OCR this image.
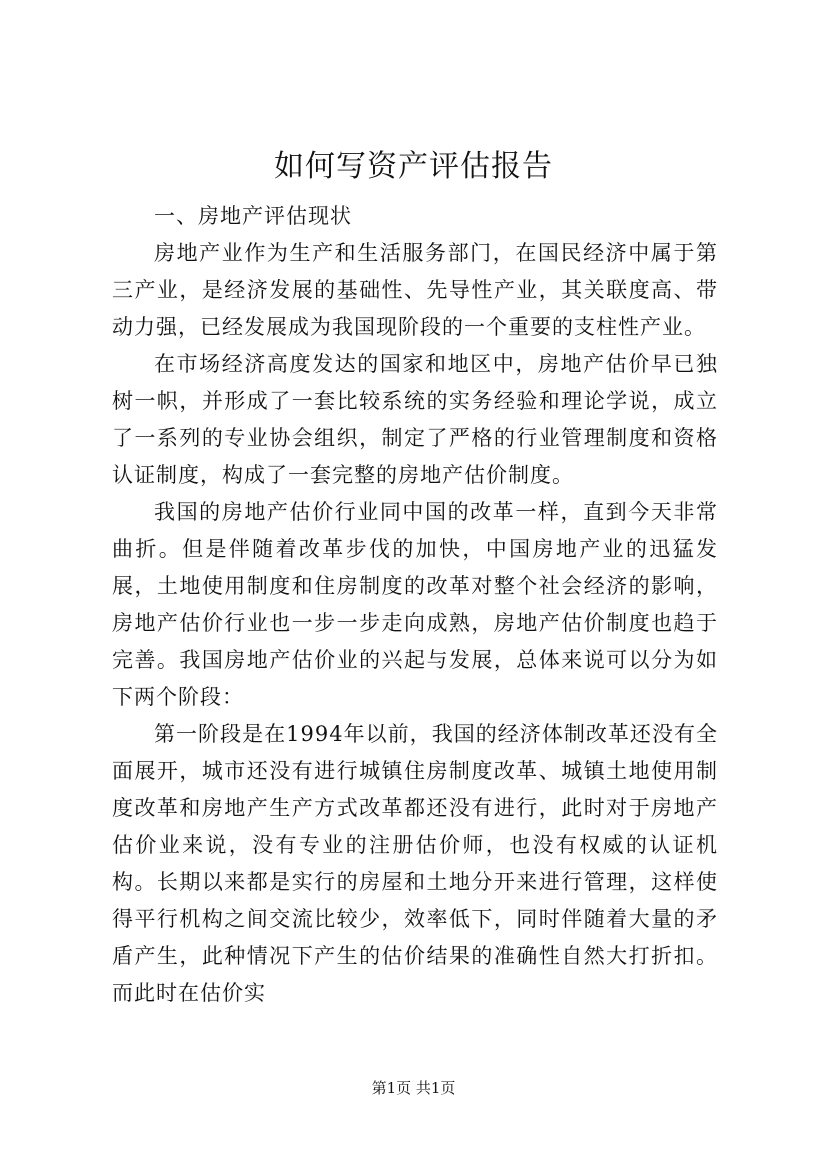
如何写资产评估报告

一、房地产评估现状

房地产业作为生产和生活服务部门，在国民经济中属于第三产业，是经济发展的基础性、先导性产业，其关联度高、带动力强，已经发展成为我国现阶段的一个重要的支柱性产业。

在市场经济高度发达的国家和地区中，房地产估价早已独树一帜，并形成了一套比较系统的实务经验和理论学说，成立了一系列的专业协会组织，制定了严格的行业管理制度和资格认证制度，构成了一套完整的房地产估价制度。

我国的房地产估价行业同中国的改革一样，直到今天非常曲折。但是伴随着改革步伐的加快，中国房地产业的迅猛发展，土地使用制度和住房制度的改革对整个社会经济的影响，房地产估价行业也一步一步走向成熟，房地产估价制度也趋于完善。我国房地产估价业的兴起与发展，总体来说可以分为如下两个阶段：

第一阶段是在1994年以前，我国的经济体制改革还没有全面展开，城市还没有进行城镇住房制度改革、城镇土地使用制度改革和房地产生产方式改革都还没有进行，此时对于房地产估价业来说，没有专业的注册估价师，也没有权威的认证机构。长期以来都是实行的房屋和土地分开来进行管理，这样使得平行机构之间交流比较少，效率低下，同时伴随着大量的矛盾产生，此种情况下产生的估价结果的准确性自然大打折扣。而此时在估价实

第1页 共1页
